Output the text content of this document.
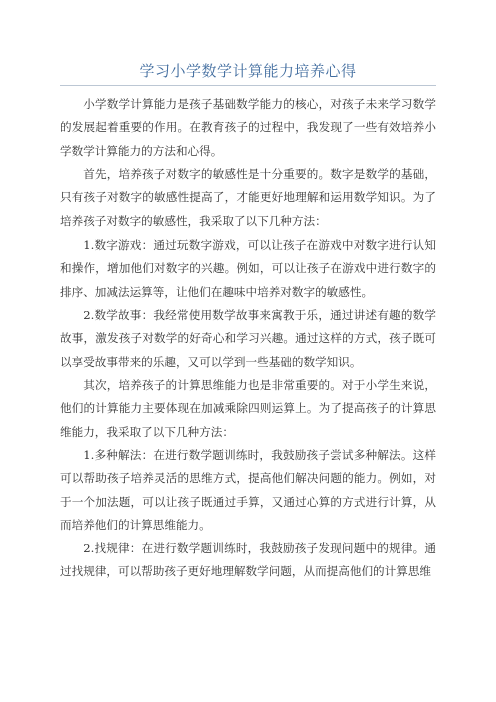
学习小学数学计算能力培养心得

小学数学计算能力是孩子基础数学能力的核心，对孩子未来学习数学的发展起着重要的作用。在教育孩子的过程中，我发现了一些有效培养小学数学计算能力的方法和心得。

首先，培养孩子对数字的敏感性是十分重要的。数字是数学的基础，只有孩子对数字的敏感性提高了，才能更好地理解和运用数学知识。为了培养孩子对数字的敏感性，我采取了以下几种方法：

1.数字游戏：通过玩数字游戏，可以让孩子在游戏中对数字进行认知和操作，增加他们对数字的兴趣。例如，可以让孩子在游戏中进行数字的排序、加减法运算等，让他们在趣味中培养对数字的敏感性。

2.数学故事：我经常使用数学故事来寓教于乐，通过讲述有趣的数学故事，激发孩子对数学的好奇心和学习兴趣。通过这样的方式，孩子既可以享受故事带来的乐趣，又可以学到一些基础的数学知识。

其次，培养孩子的计算思维能力也是非常重要的。对于小学生来说，他们的计算能力主要体现在加减乘除四则运算上。为了提高孩子的计算思维能力，我采取了以下几种方法：

1.多种解法：在进行数学题训练时，我鼓励孩子尝试多种解法。这样可以帮助孩子培养灵活的思维方式，提高他们解决问题的能力。例如，对于一个加法题，可以让孩子既通过手算，又通过心算的方式进行计算，从而培养他们的计算思维能力。

2.找规律：在进行数学题训练时，我鼓励孩子发现问题中的规律。通过找规律，可以帮助孩子更好地理解数学问题，从而提高他们的计算思维
